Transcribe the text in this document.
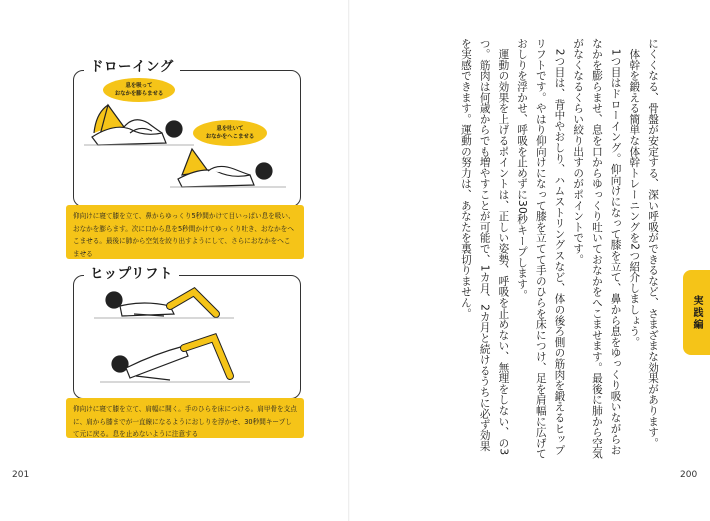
ドローイング
息を吸って
おなかを膨らませる
息を吐いて
おなかをへこませる
仰向けに寝て膝を立て、鼻からゆっくり5秒間かけて目いっぱい息を吸い、おなかを膨らます。次に口から息を5秒間かけてゆっくり吐き、おなかをへこませる。最後に肺から空気を絞り出すようにして、さらにおなかをへこませる
ヒップリフト
仰向けに寝て膝を立て、肩幅に開く。手のひらを床につける。肩甲骨を支点に、肩から膝までが一直線になるようにおしりを浮かせ、30秒間キープして元に戻る。息を止めないように注意する
201

にくくなる、骨盤が安定する、深い呼吸ができるなど、さまざまな効果があります。

　体幹を鍛える簡単な体幹トレーニングを2つ紹介しましょう。

　1つ目はドローイング。仰向けになって膝を立て、鼻から息をゆっくり吸いながらおなかを膨らませ、息を口からゆっくり吐いておなかをへこませます。最後に肺から空気がなくなるくらい絞り出すのがポイントです。

　2つ目は、背中やおしり、ハムストリングスなど、体の後ろ側の筋肉を鍛えるヒップリフトです。やはり仰向けになって膝を立てて手のひらを床につけ、足を肩幅に広げておしりを浮かせ、呼吸を止めずに30秒キープします。

　運動の効果を上げるポイントは、正しい姿勢、呼吸を止めない、無理をしない、の3つ。筋肉は何歳からでも増やすことが可能で、1カ月、2カ月と続けるうちに必ず効果を実感できます。運動の努力は、あなたを裏切りません。	実践編
200
